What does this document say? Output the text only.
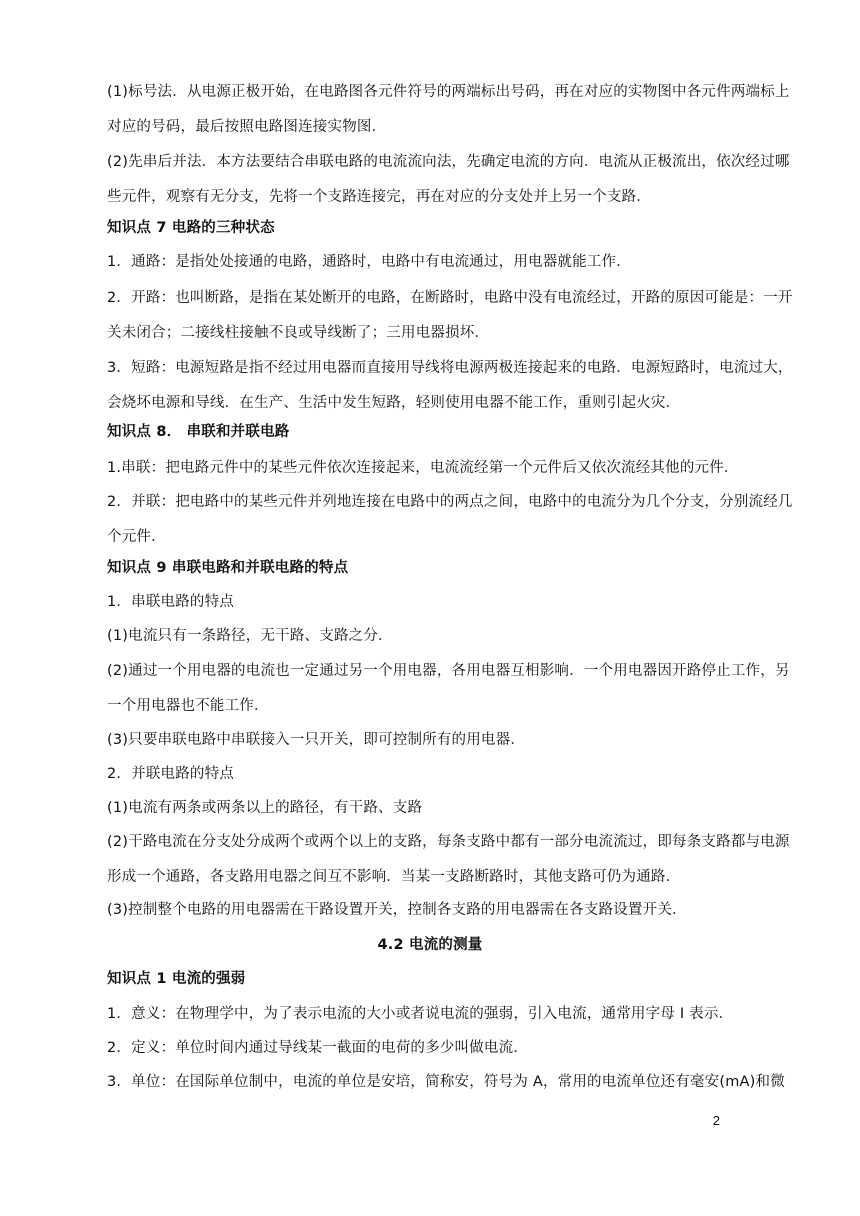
(1)标号法．从电源正极开始，在电路图各元件符号的两端标出号码，再在对应的实物图中各元件两端标上对应的号码，最后按照电路图连接实物图．
(2)先串后并法．本方法要结合串联电路的电流流向法，先确定电流的方向．电流从正极流出，依次经过哪些元件，观察有无分支，先将一个支路连接完，再在对应的分支处并上另一个支路．
知识点 7 电路的三种状态
1．通路：是指处处接通的电路，通路时，电路中有电流通过，用电器就能工作．
2．开路：也叫断路，是指在某处断开的电路，在断路时，电路中没有电流经过，开路的原因可能是：一开关未闭合；二接线柱接触不良或导线断了；三用电器损坏．
3．短路：电源短路是指不经过用电器而直接用导线将电源两极连接起来的电路．电源短路时，电流过大，会烧坏电源和导线．在生产、生活中发生短路，轻则使用电器不能工作，重则引起火灾．
知识点 8． 串联和并联电路
1.串联：把电路元件中的某些元件依次连接起来，电流流经第一个元件后又依次流经其他的元件．
2．并联：把电路中的某些元件并列地连接在电路中的两点之间，电路中的电流分为几个分支，分别流经几个元件．
知识点 9 串联电路和并联电路的特点
1．串联电路的特点
(1)电流只有一条路径，无干路、支路之分．
(2)通过一个用电器的电流也一定通过另一个用电器，各用电器互相影响．一个用电器因开路停止工作，另一个用电器也不能工作．
(3)只要串联电路中串联接入一只开关，即可控制所有的用电器．
2．并联电路的特点
(1)电流有两条或两条以上的路径，有干路、支路
(2)干路电流在分支处分成两个或两个以上的支路，每条支路中都有一部分电流流过，即每条支路都与电源形成一个通路，各支路用电器之间互不影响．当某一支路断路时，其他支路可仍为通路．
(3)控制整个电路的用电器需在干路设置开关，控制各支路的用电器需在各支路设置开关．
4.2 电流的测量
知识点 1 电流的强弱
1．意义：在物理学中，为了表示电流的大小或者说电流的强弱，引入电流，通常用字母 I 表示．
2．定义：单位时间内通过导线某一截面的电荷的多少叫做电流．
3．单位：在国际单位制中，电流的单位是安培，简称安，符号为 A，常用的电流单位还有毫安(mA)和微
2
